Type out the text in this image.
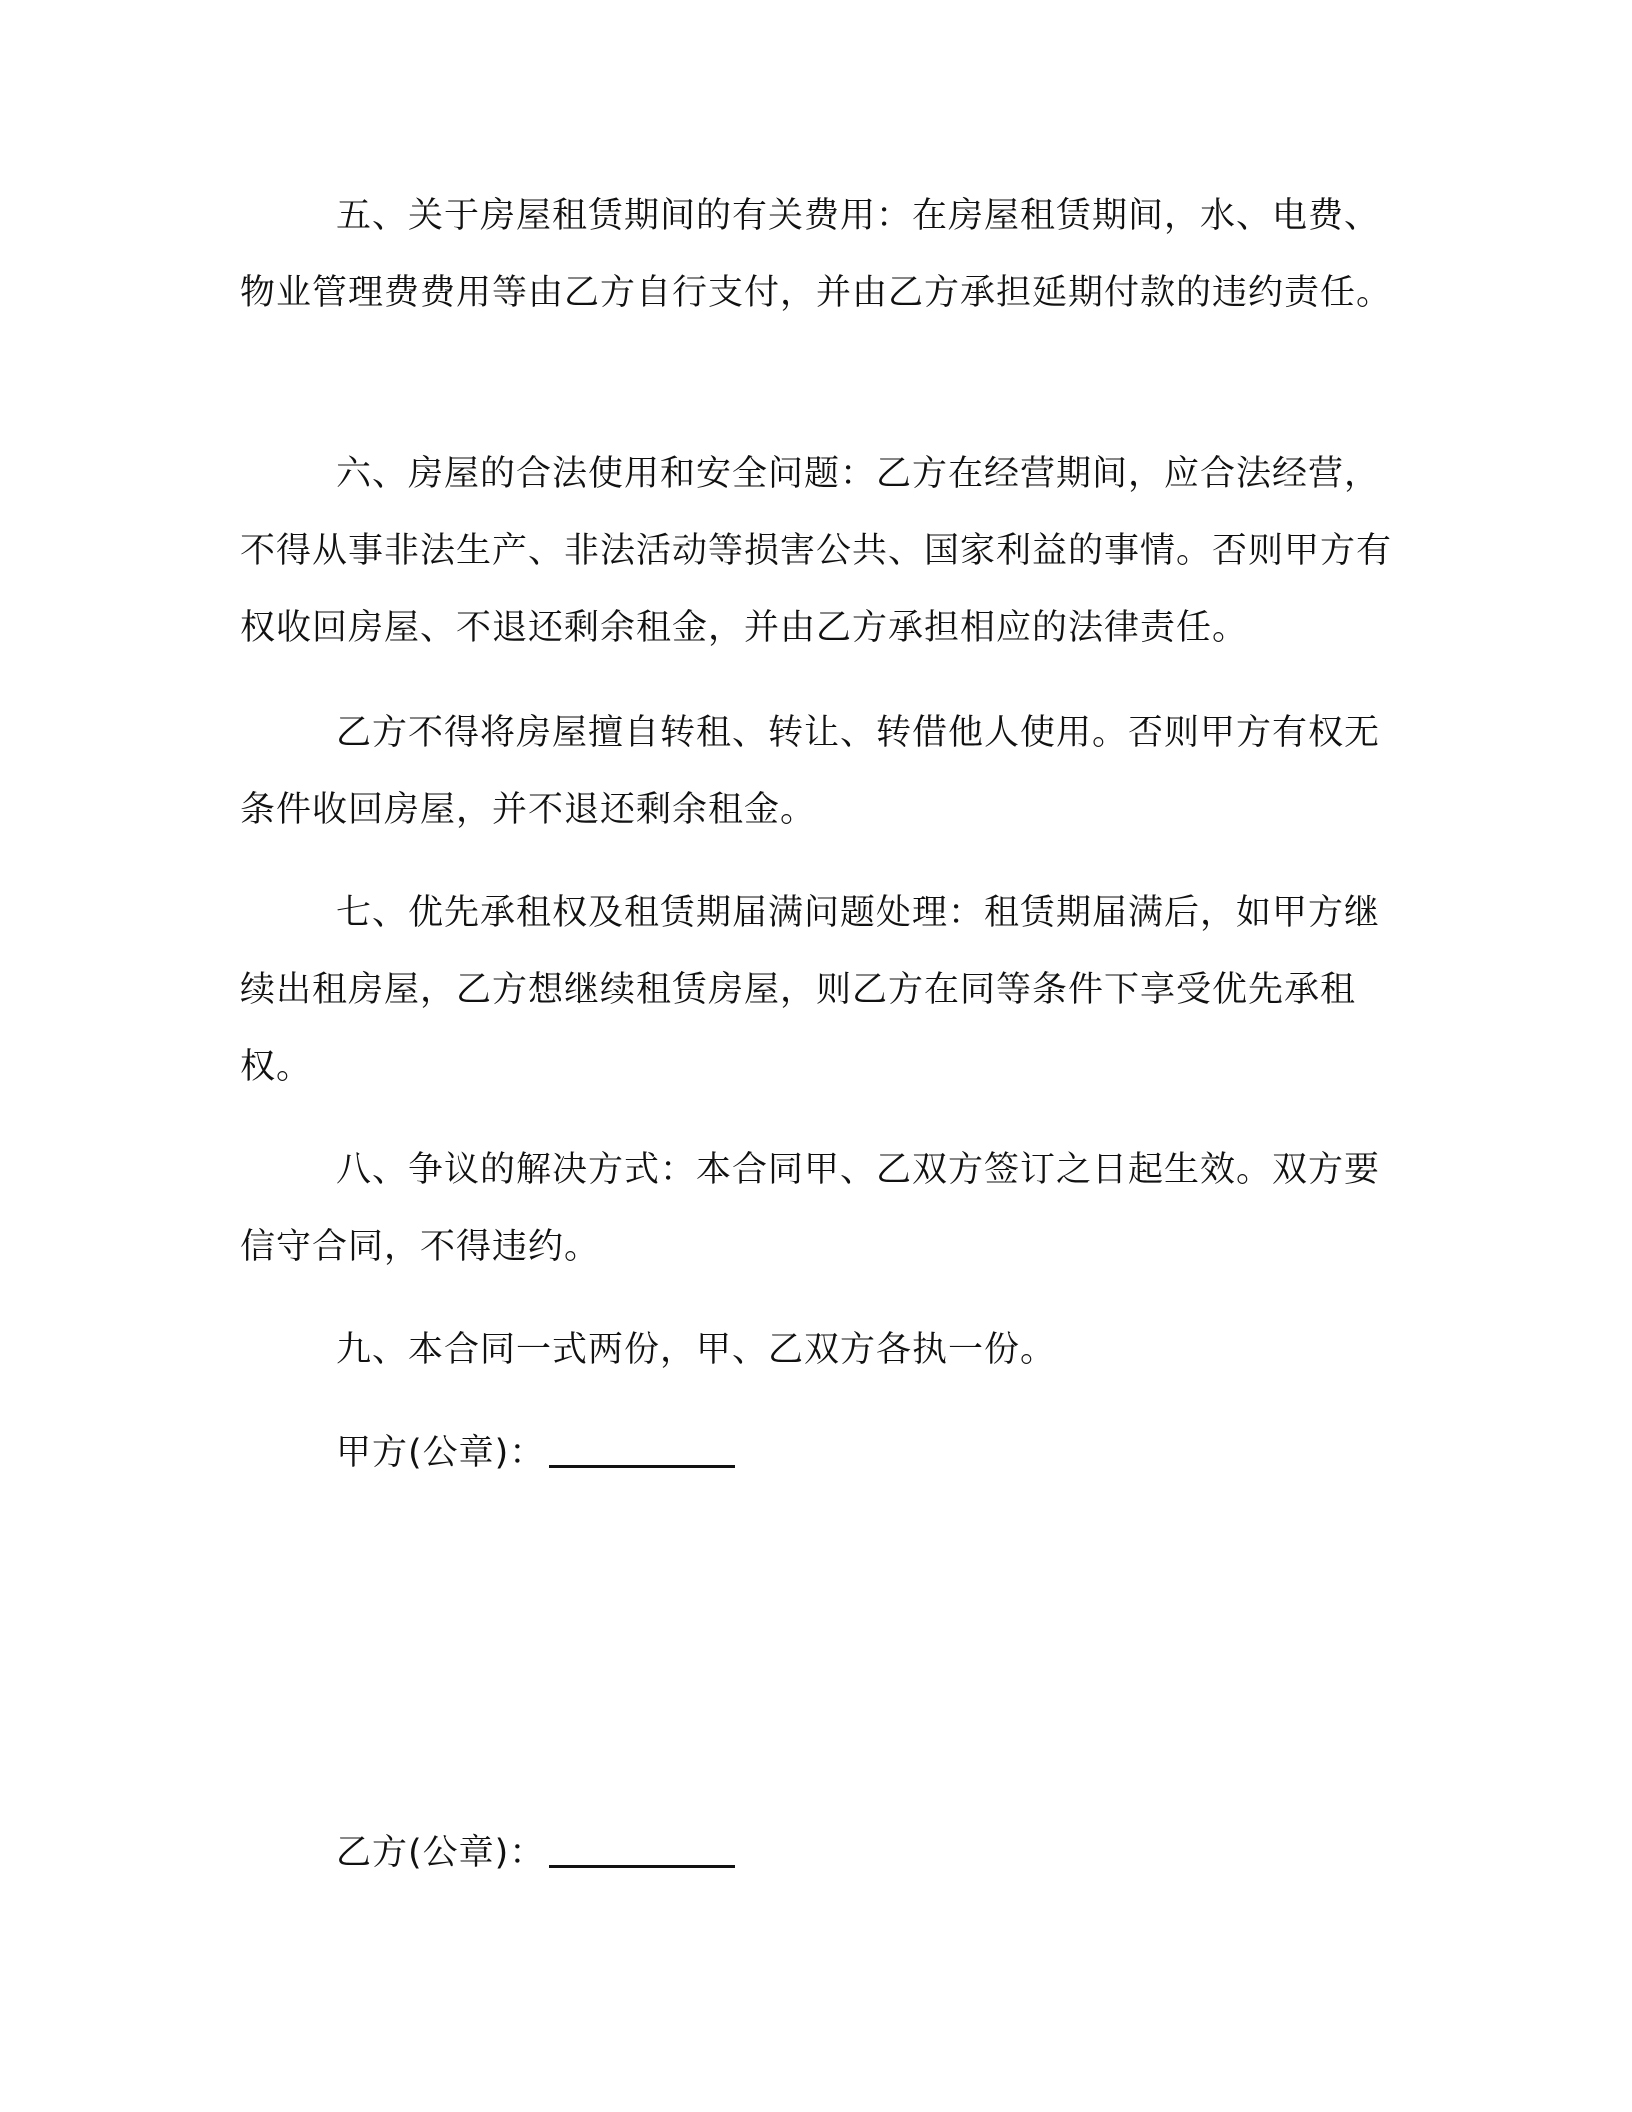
五、关于房屋租赁期间的有关费用：在房屋租赁期间，水、电费、物业管理费费用等由乙方自行支付，并由乙方承担延期付款的违约责任。

六、房屋的合法使用和安全问题：乙方在经营期间，应合法经营，不得从事非法生产、非法活动等损害公共、国家利益的事情。否则甲方有权收回房屋、不退还剩余租金，并由乙方承担相应的法律责任。

乙方不得将房屋擅自转租、转让、转借他人使用。否则甲方有权无条件收回房屋，并不退还剩余租金。

七、优先承租权及租赁期届满问题处理：租赁期届满后，如甲方继续出租房屋，乙方想继续租赁房屋，则乙方在同等条件下享受优先承租权。

八、争议的解决方式：本合同甲、乙双方签订之日起生效。双方要信守合同，不得违约。

九、本合同一式两份，甲、乙双方各执一份。

甲方(公章)：
乙方(公章)：
